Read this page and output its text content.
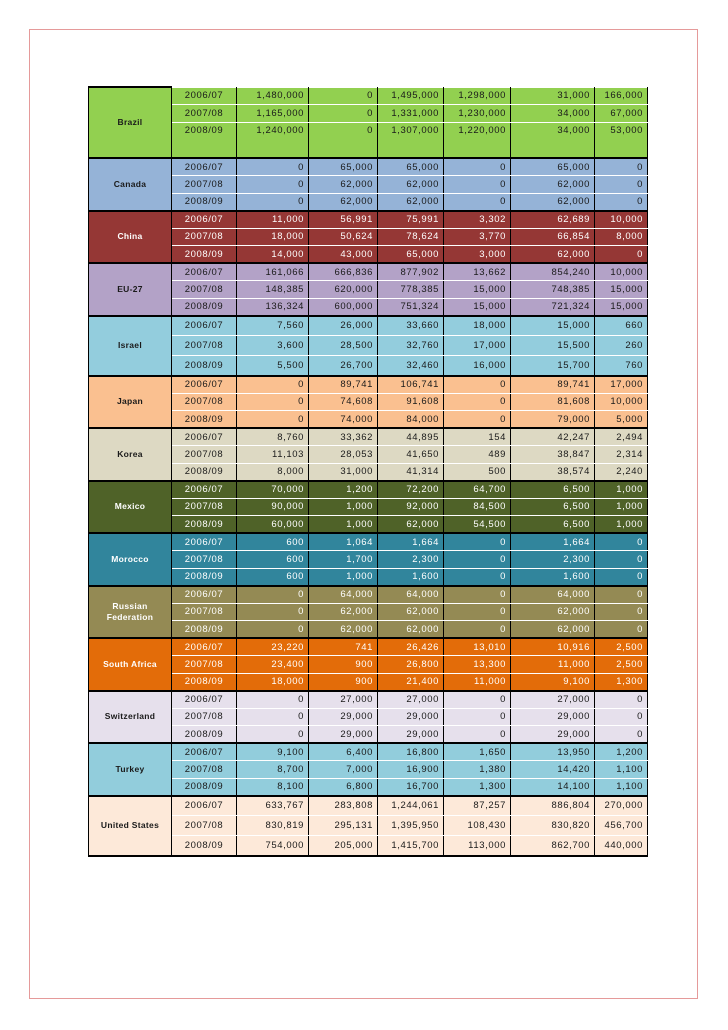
Brazil	2006/07	1,480,000	0	1,495,000	1,298,000	31,000	166,000
	2007/08	1,165,000	0	1,331,000	1,230,000	34,000	67,000
	2008/09	1,240,000	0	1,307,000	1,220,000	34,000	53,000
Canada	2006/07	0	65,000	65,000	0	65,000	0
	2007/08	0	62,000	62,000	0	62,000	0
	2008/09	0	62,000	62,000	0	62,000	0
China	2006/07	11,000	56,991	75,991	3,302	62,689	10,000
	2007/08	18,000	50,624	78,624	3,770	66,854	8,000
	2008/09	14,000	43,000	65,000	3,000	62,000	0
EU-27	2006/07	161,066	666,836	877,902	13,662	854,240	10,000
	2007/08	148,385	620,000	778,385	15,000	748,385	15,000
	2008/09	136,324	600,000	751,324	15,000	721,324	15,000
Israel	2006/07	7,560	26,000	33,660	18,000	15,000	660
	2007/08	3,600	28,500	32,760	17,000	15,500	260
	2008/09	5,500	26,700	32,460	16,000	15,700	760
Japan	2006/07	0	89,741	106,741	0	89,741	17,000
	2007/08	0	74,608	91,608	0	81,608	10,000
	2008/09	0	74,000	84,000	0	79,000	5,000
Korea	2006/07	8,760	33,362	44,895	154	42,247	2,494
	2007/08	11,103	28,053	41,650	489	38,847	2,314
	2008/09	8,000	31,000	41,314	500	38,574	2,240
Mexico	2006/07	70,000	1,200	72,200	64,700	6,500	1,000
	2007/08	90,000	1,000	92,000	84,500	6,500	1,000
	2008/09	60,000	1,000	62,000	54,500	6,500	1,000
Morocco	2006/07	600	1,064	1,664	0	1,664	0
	2007/08	600	1,700	2,300	0	2,300	0
	2008/09	600	1,000	1,600	0	1,600	0
Russian Federation	2006/07	0	64,000	64,000	0	64,000	0
	2007/08	0	62,000	62,000	0	62,000	0
	2008/09	0	62,000	62,000	0	62,000	0
South Africa	2006/07	23,220	741	26,426	13,010	10,916	2,500
	2007/08	23,400	900	26,800	13,300	11,000	2,500
	2008/09	18,000	900	21,400	11,000	9,100	1,300
Switzerland	2006/07	0	27,000	27,000	0	27,000	0
	2007/08	0	29,000	29,000	0	29,000	0
	2008/09	0	29,000	29,000	0	29,000	0
Turkey	2006/07	9,100	6,400	16,800	1,650	13,950	1,200
	2007/08	8,700	7,000	16,900	1,380	14,420	1,100
	2008/09	8,100	6,800	16,700	1,300	14,100	1,100
United States	2006/07	633,767	283,808	1,244,061	87,257	886,804	270,000
	2007/08	830,819	295,131	1,395,950	108,430	830,820	456,700
	2008/09	754,000	205,000	1,415,700	113,000	862,700	440,000
